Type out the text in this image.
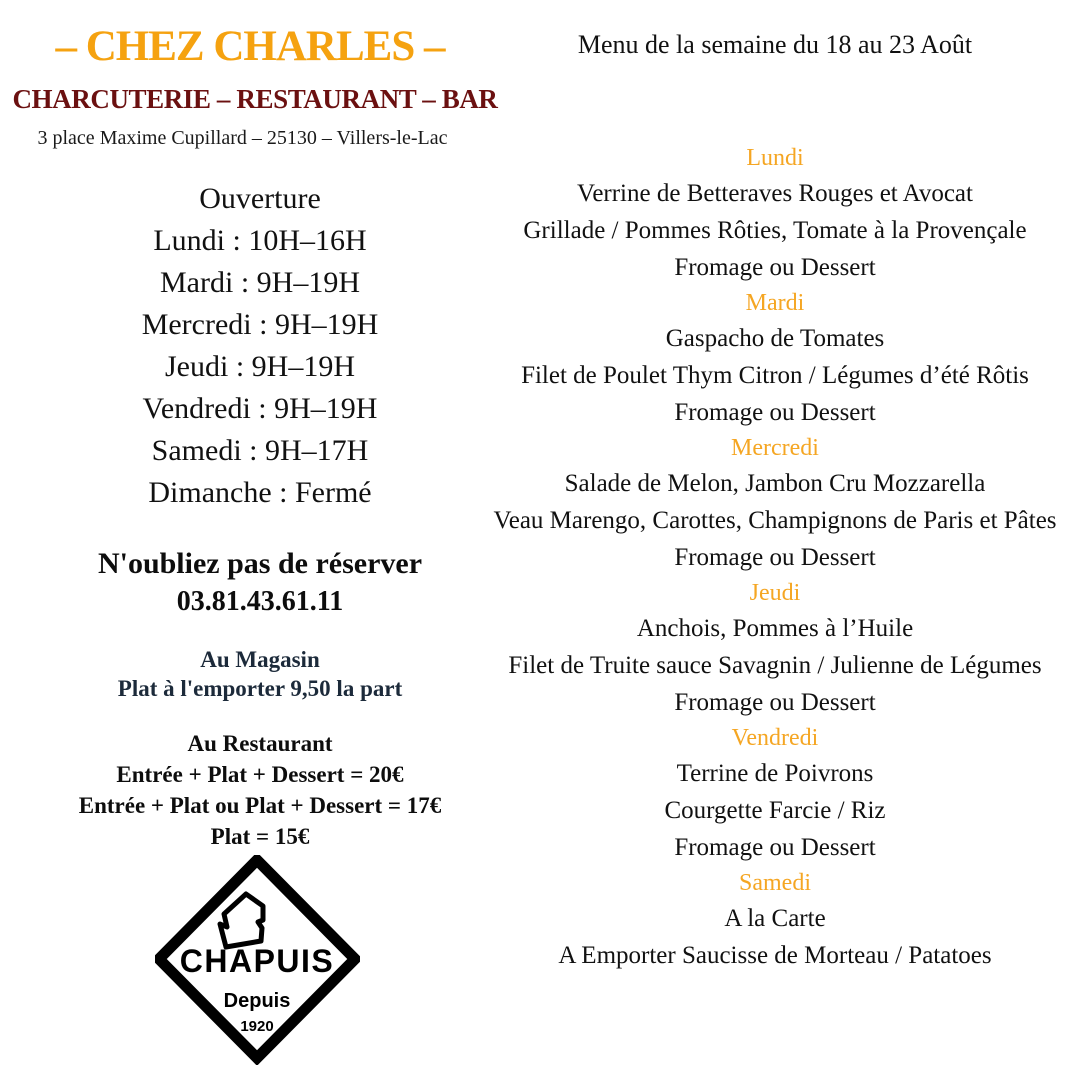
– CHEZ CHARLES –
CHARCUTERIE – RESTAURANT – BAR
3 place Maxime Cupillard – 25130 – Villers-le-Lac
Ouverture
Lundi : 10H–16H
Mardi : 9H–19H
Mercredi : 9H–19H
Jeudi : 9H–19H
Vendredi : 9H–19H
Samedi : 9H–17H
Dimanche : Fermé
N'oubliez pas de réserver
03.81.43.61.11
Au Magasin
Plat à l'emporter 9,50 la part
Au Restaurant
Entrée + Plat + Dessert = 20€
Entrée + Plat ou Plat + Dessert = 17€
Plat = 15€
CHAPUIS
Depuis
1920
Menu de la semaine du 18 au 23 Août
Lundi
Verrine de Betteraves Rouges et Avocat
Grillade / Pommes Rôties, Tomate à la Provençale
Fromage ou Dessert
Mardi
Gaspacho de Tomates
Filet de Poulet Thym Citron / Légumes d’été Rôtis
Fromage ou Dessert
Mercredi
Salade de Melon, Jambon Cru Mozzarella
Veau Marengo, Carottes, Champignons de Paris et Pâtes
Fromage ou Dessert
Jeudi
Anchois, Pommes à l’Huile
Filet de Truite sauce Savagnin / Julienne de Légumes
Fromage ou Dessert
Vendredi
Terrine de Poivrons
Courgette Farcie / Riz
Fromage ou Dessert
Samedi
A la Carte
A Emporter Saucisse de Morteau / Patatoes
